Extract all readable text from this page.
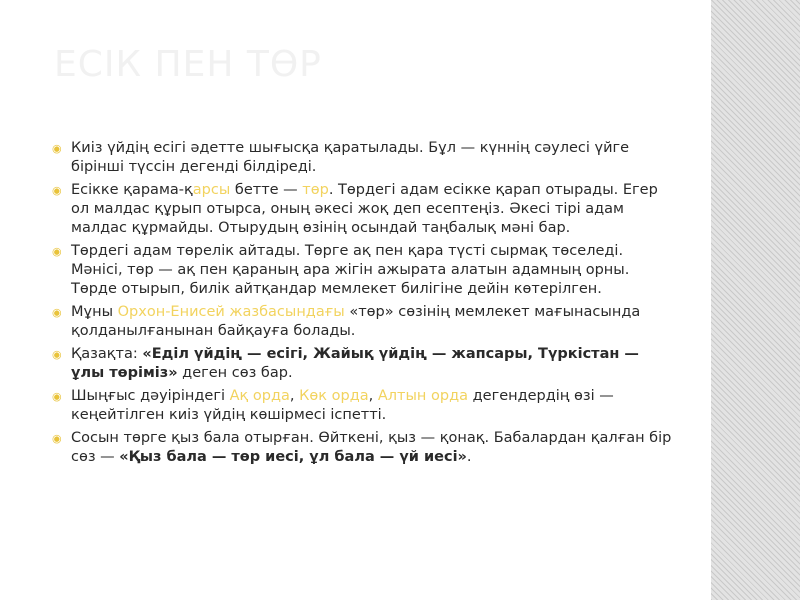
ЕСІК ПЕН ТӨР
◉ Киіз үйдің есігі әдетте шығысқа қаратылады. Бұл — күннің сәулесі үйге бірінші түссін дегенді білдіреді.
◉ Есікке қарама-қарсы бетте — төр. Төрдегі адам есікке қарап отырады. Егер ол малдас құрып отырса, оның әкесі жоқ деп есептеңіз. Әкесі тірі адам малдас құрмайды. Отырудың өзінің осындай таңбалық мәні бар.
◉ Төрдегі адам төрелік айтады. Төрге ақ пен қара түсті сырмақ төселеді. Мәнісі, төр — ақ пен қараның ара жігін ажырата алатын адамның орны. Төрде отырып, билік айтқандар мемлекет билігіне дейін көтерілген.
◉ Мұны Орхон-Енисей жазбасындағы «төр» сөзінің мемлекет мағынасында қолданылғанынан байқауға болады.
◉ Қазақта: «Еділ үйдің — есігі, Жайық үйдің — жапсары, Түркістан — ұлы төріміз» деген сөз бар.
◉ Шыңғыс дәуіріндегі Ақ орда, Көк орда, Алтын орда дегендердің өзі — кеңейтілген киіз үйдің көшірмесі іспетті.
◉ Сосын төрге қыз бала отырған. Өйткені, қыз — қонақ. Бабалардан қалған бір сөз — «Қыз бала — төр иесі, ұл бала — үй иесі».
